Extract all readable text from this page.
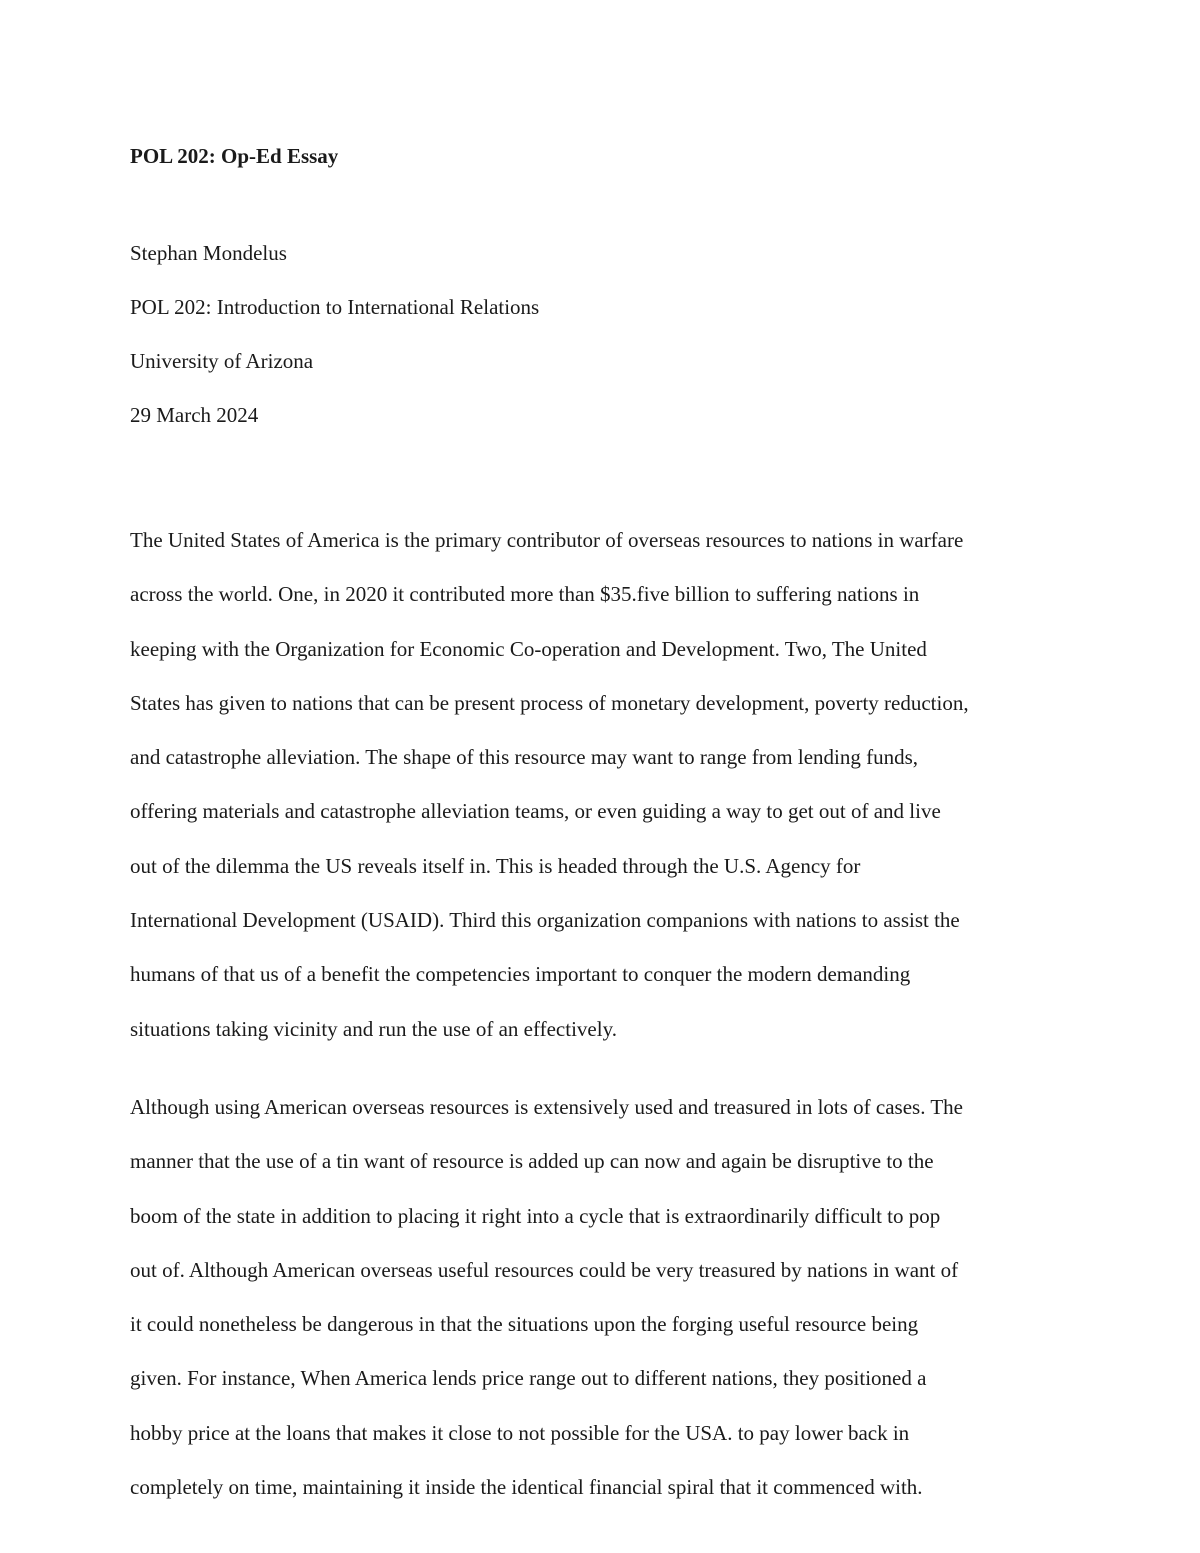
POL 202: Op-Ed Essay
Stephan Mondelus
POL 202: Introduction to International Relations
University of Arizona
29 March 2024
The United States of America is the primary contributor of overseas resources to nations in warfare
across the world. One, in 2020 it contributed more than $35.five billion to suffering nations in
keeping with the Organization for Economic Co-operation and Development. Two, The United
States has given to nations that can be present process of monetary development, poverty reduction,
and catastrophe alleviation. The shape of this resource may want to range from lending funds,
offering materials and catastrophe alleviation teams, or even guiding a way to get out of and live
out of the dilemma the US reveals itself in. This is headed through the U.S. Agency for
International Development (USAID). Third this organization companions with nations to assist the
humans of that us of a benefit the competencies important to conquer the modern demanding
situations taking vicinity and run the use of an effectively.
Although using American overseas resources is extensively used and treasured in lots of cases. The
manner that the use of a tin want of resource is added up can now and again be disruptive to the
boom of the state in addition to placing it right into a cycle that is extraordinarily difficult to pop
out of. Although American overseas useful resources could be very treasured by nations in want of
it could nonetheless be dangerous in that the situations upon the forging useful resource being
given. For instance, When America lends price range out to different nations, they positioned a
hobby price at the loans that makes it close to not possible for the USA. to pay lower back in
completely on time, maintaining it inside the identical financial spiral that it commenced with.
